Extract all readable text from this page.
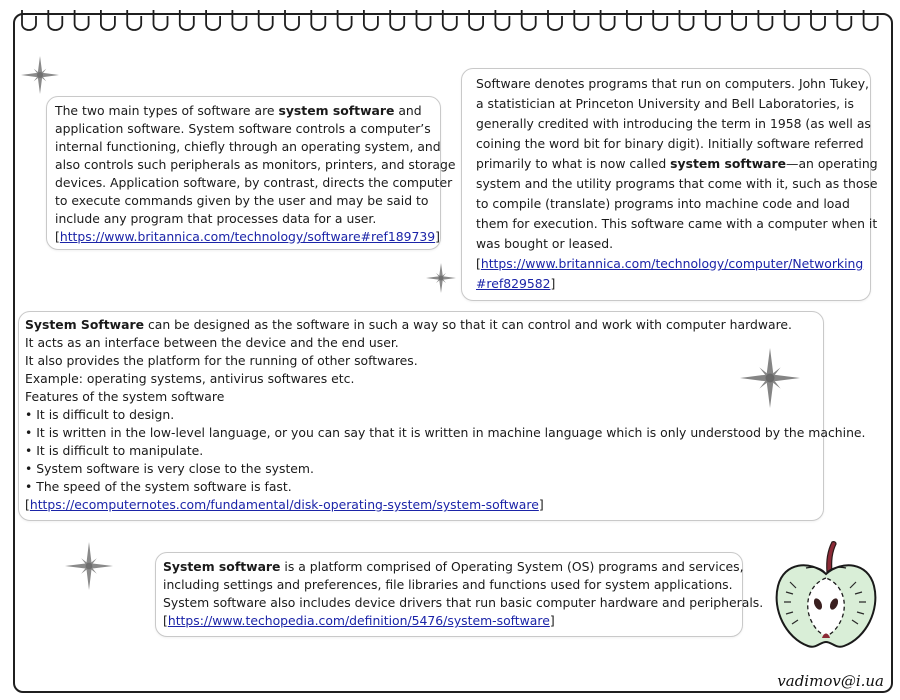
The two main types of software are system software and
application software. System software controls a computer’s
internal functioning, chiefly through an operating system, and
also controls such peripherals as monitors, printers, and storage
devices. Application software, by contrast, directs the computer
to execute commands given by the user and may be said to
include any program that processes data for a user.
[https://www.britannica.com/technology/software#ref189739]
Software denotes programs that run on computers. John Tukey,
a statistician at Princeton University and Bell Laboratories, is
generally credited with introducing the term in 1958 (as well as
coining the word bit for binary digit). Initially software referred
primarily to what is now called system software—an operating
system and the utility programs that come with it, such as those
to compile (translate) programs into machine code and load
them for execution. This software came with a computer when it
was bought or leased.
[https://www.britannica.com/technology/computer/Networking
#ref829582]
System Software can be designed as the software in such a way so that it can control and work with computer hardware.
It acts as an interface between the device and the end user.
It also provides the platform for the running of other softwares.
Example: operating systems, antivirus softwares etc.
Features of the system software
• It is difficult to design.
• It is written in the low-level language, or you can say that it is written in machine language which is only understood by the machine.
• It is difficult to manipulate.
• System software is very close to the system.
• The speed of the system software is fast.
[https://ecomputernotes.com/fundamental/disk-operating-system/system-software]
System software is a platform comprised of Operating System (OS) programs and services,
including settings and preferences, file libraries and functions used for system applications.
System software also includes device drivers that run basic computer hardware and peripherals.
[https://www.techopedia.com/definition/5476/system-software]
vadimov@i.ua
